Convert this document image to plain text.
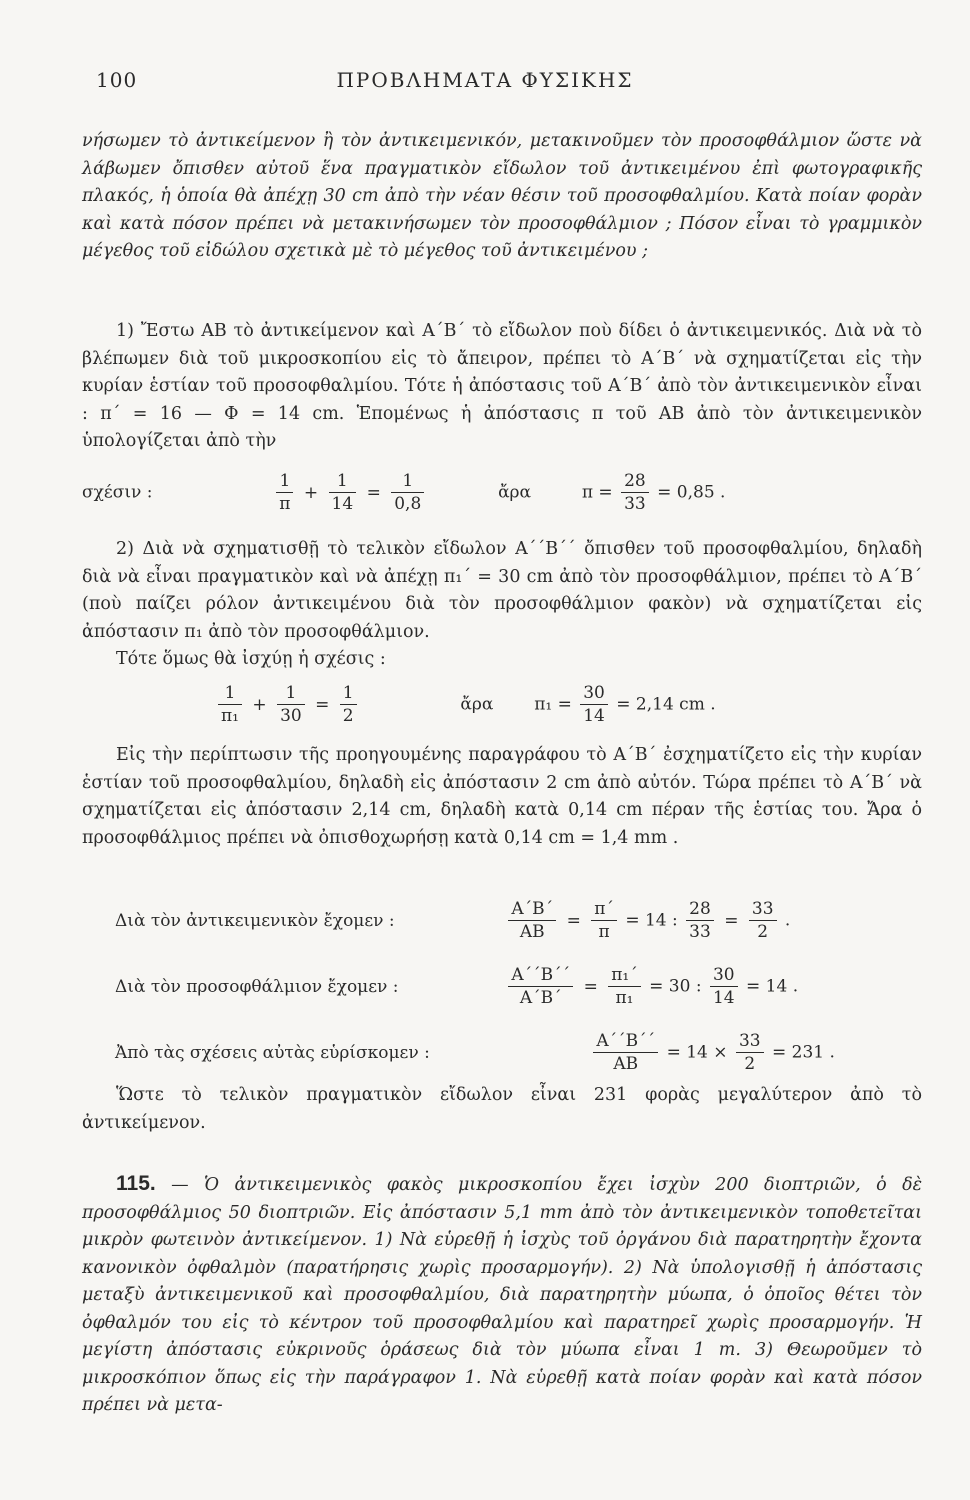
100	ΠΡΟΒΛΗΜΑΤΑ ΦΥΣΙΚΗΣ

νήσωμεν τὸ ἀντικείμενον ἢ τὸν ἀντικειμενικόν, μετακινοῦμεν τὸν προσοφθάλμιον ὥστε νὰ λάβωμεν ὄπισθεν αὐτοῦ ἕνα πραγματικὸν εἴδωλον τοῦ ἀντικειμένου ἐπὶ φωτογραφικῆς πλακός, ἡ ὁποία θὰ ἀπέχῃ 30 cm ἀπὸ τὴν νέαν θέσιν τοῦ προσοφθαλμίου. Κατὰ ποίαν φορὰν καὶ κατὰ πόσον πρέπει νὰ μετακινήσωμεν τὸν προσοφθάλμιον ; Πόσον εἶναι τὸ γραμμικὸν μέγεθος τοῦ εἰδώλου σχετικὰ μὲ τὸ μέγεθος τοῦ ἀντικειμένου ;

1) Ἔστω ΑΒ τὸ ἀντικείμενον καὶ Α΄Β΄ τὸ εἴδωλον ποὺ δίδει ὁ ἀντικειμενικός. Διὰ νὰ τὸ βλέπωμεν διὰ τοῦ μικροσκοπίου εἰς τὸ ἄπειρον, πρέπει τὸ Α΄Β΄ νὰ σχηματίζεται εἰς τὴν κυρίαν ἑστίαν τοῦ προσοφθαλμίου. Τότε ἡ ἀπόστασις τοῦ Α΄Β΄ ἀπὸ τὸν ἀντικειμενικὸν εἶναι : π΄ = 16 — Φ = 14 cm. Ἑπομένως ἡ ἀπόστασις π τοῦ ΑΒ ἀπὸ τὸν ἀντικειμενικὸν ὑπολογίζεται ἀπὸ τὴν

σχέσιν :	$\frac{1}{\pi} + \frac{1}{14} = \frac{1}{0,8}$	ἄρα	$\pi = \frac{28}{33} = 0,85$ .

2) Διὰ νὰ σχηματισθῇ τὸ τελικὸν εἴδωλον Α΄΄Β΄΄ ὄπισθεν τοῦ προσοφθαλμίου, δηλαδὴ διὰ νὰ εἶναι πραγματικὸν καὶ νὰ ἀπέχῃ π₁΄ = 30 cm ἀπὸ τὸν προσοφθάλμιον, πρέπει τὸ Α΄Β΄ (ποὺ παίζει ρόλον ἀντικειμένου διὰ τὸν προσοφθάλμιον φακὸν) νὰ σχηματίζεται εἰς ἀπόστασιν π₁ ἀπὸ τὸν προσοφθάλμιον.

Τότε ὅμως θὰ ἰσχύῃ ἡ σχέσις :

$\frac{1}{\text{π₁}} + \frac{1}{30} = \frac{1}{2}$	ἄρα $\pi_1 = \frac{30}{14} = 2,14$ cm .

Εἰς τὴν περίπτωσιν τῆς προηγουμένης παραγράφου τὸ Α΄Β΄ ἐσχηματίζετο εἰς τὴν κυρίαν ἑστίαν τοῦ προσοφθαλμίου, δηλαδὴ εἰς ἀπόστασιν 2 cm ἀπὸ αὐτόν. Τώρα πρέπει τὸ Α΄Β΄ νὰ σχηματίζεται εἰς ἀπόστασιν 2,14 cm, δηλαδὴ κατὰ 0,14 cm πέραν τῆς ἑστίας του. Ἄρα ὁ προσοφθάλμιος πρέπει νὰ ὀπισθοχωρήσῃ κατὰ 0,14 cm = 1,4 mm .

Διὰ τὸν ἀντικειμενικὸν ἔχομεν :	$\frac{A΄B΄}{AB} = \frac{\pi΄}{\pi} = 14$ : $\frac{28}{33} = \frac{33}{2}$ .
Διὰ τὸν προσοφθάλμιον ἔχομεν :	$\frac{A΄΄B΄΄}{A΄B΄} = \frac{\text{π₁΄}}{\text{π₁}} = 30$ : $\frac{30}{14} = 14$ .
Ἀπὸ τὰς σχέσεις αὐτὰς εὑρίσκομεν :	$\frac{A΄΄B΄΄}{AB} = 14 \times \frac{33}{2} = 231$ .

Ὥστε τὸ τελικὸν πραγματικὸν εἴδωλον εἶναι 231 φορὰς μεγαλύτερον ἀπὸ τὸ ἀντικείμενον.

115. — Ὁ ἀντικειμενικὸς φακὸς μικροσκοπίου ἔχει ἰσχὺν 200 διοπτριῶν, ὁ δὲ προσοφθάλμιος 50 διοπτριῶν. Εἰς ἀπόστασιν 5,1 mm ἀπὸ τὸν ἀντικειμενικὸν τοποθετεῖται μικρὸν φωτεινὸν ἀντικείμενον. 1) Νὰ εὑρεθῇ ἡ ἰσχὺς τοῦ ὀργάνου διὰ παρατηρητὴν ἔχοντα κανονικὸν ὀφθαλμὸν (παρατήρησις χωρὶς προσαρμογήν). 2) Νὰ ὑπολογισθῇ ἡ ἀπόστασις μεταξὺ ἀντικειμενικοῦ καὶ προσοφθαλμίου, διὰ παρατηρητὴν μύωπα, ὁ ὁποῖος θέτει τὸν ὀφθαλμόν του εἰς τὸ κέντρον τοῦ προσοφθαλμίου καὶ παρατηρεῖ χωρὶς προσαρμογήν. Ἡ μεγίστη ἀπόστασις εὐκρινοῦς ὁράσεως διὰ τὸν μύωπα εἶναι 1 m. 3) Θεωροῦμεν τὸ μικροσκόπιον ὅπως εἰς τὴν παράγραφον 1. Νὰ εὑρεθῇ κατὰ ποίαν φορὰν καὶ κατὰ πόσον πρέπει νὰ μετα-
